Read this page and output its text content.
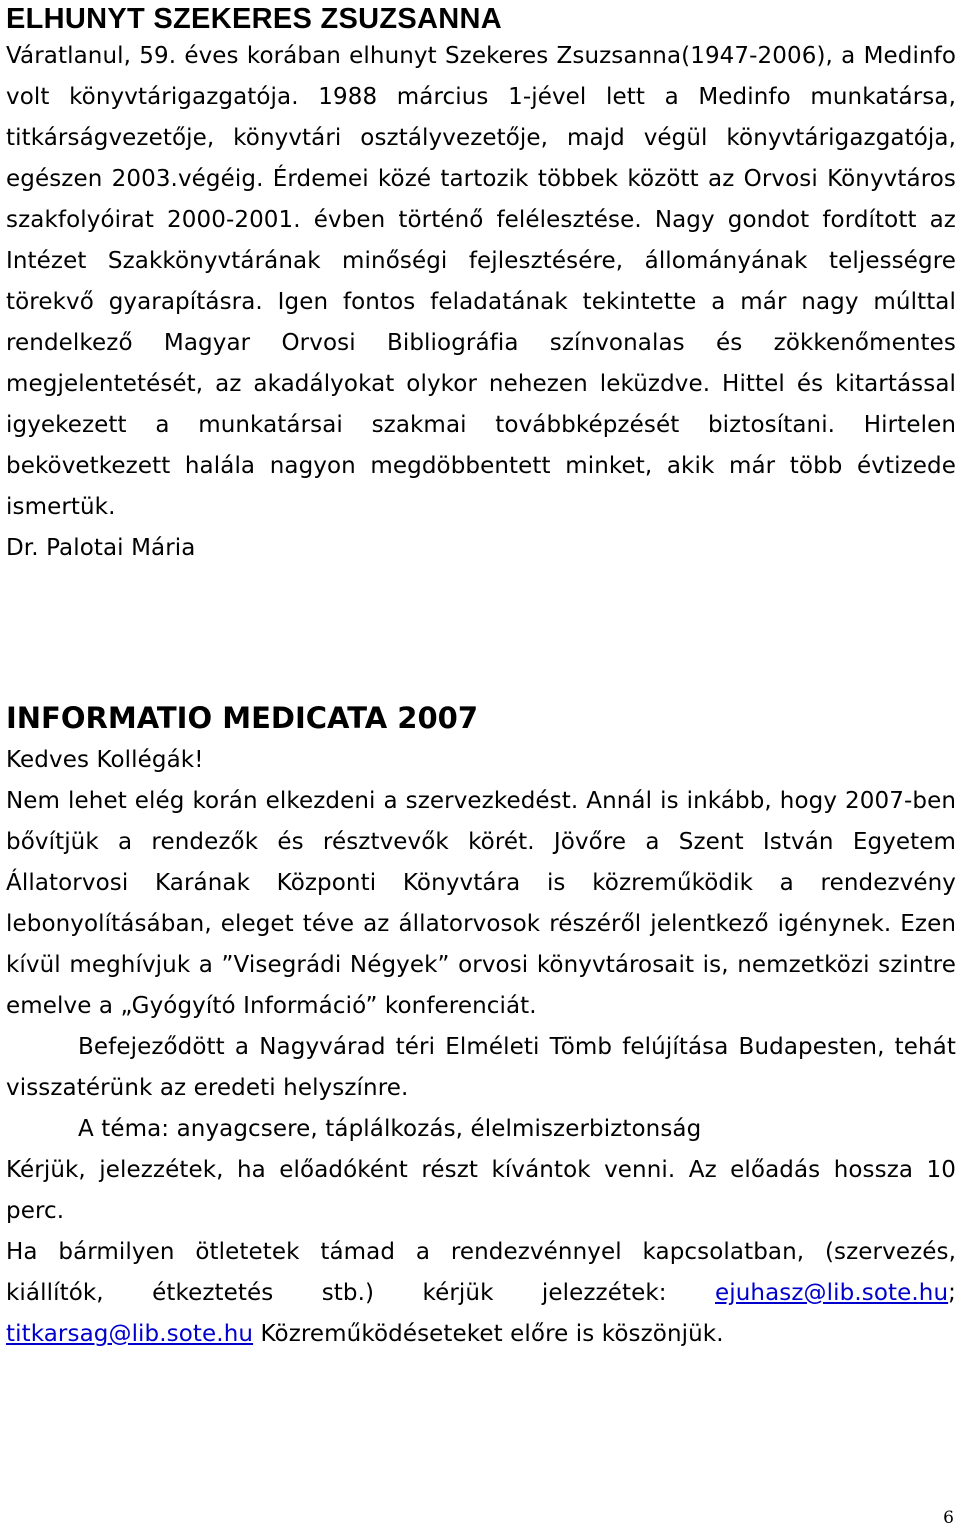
ELHUNYT SZEKERES ZSUZSANNA

Váratlanul, 59. éves korában elhunyt Szekeres Zsuzsanna(1947-2006), a Medinfo volt könyvtárigazgatója. 1988 március 1-jével lett a Medinfo munkatársa, titkárságvezetője, könyvtári osztályvezetője, majd végül könyvtárigazgatója, egészen 2003.végéig. Érdemei közé tartozik többek között az Orvosi Könyvtáros szakfolyóirat 2000-2001. évben történő felélesztése. Nagy gondot fordított az Intézet Szakkönyvtárának minőségi fejlesztésére, állományának teljességre törekvő gyarapításra. Igen fontos feladatának tekintette a már nagy múlttal rendelkező Magyar Orvosi Bibliográfia színvonalas és zökkenőmentes megjelentetését, az akadályokat olykor nehezen leküzdve. Hittel és kitartással igyekezett a munkatársai szakmai továbbképzését biztosítani. Hirtelen bekövetkezett halála nagyon megdöbbentett minket, akik már több évtizede ismertük.

Dr. Palotai Mária

INFORMATIO MEDICATA 2007

Kedves Kollégák!

Nem lehet elég korán elkezdeni a szervezkedést. Annál is inkább, hogy 2007-ben bővítjük a rendezők és résztvevők körét. Jövőre a Szent István Egyetem Állatorvosi Karának Központi Könyvtára is közreműködik a rendezvény lebonyolításában, eleget téve az állatorvosok részéről jelentkező igénynek. Ezen kívül meghívjuk a ”Visegrádi Négyek” orvosi könyvtárosait is, nemzetközi szintre emelve a „Gyógyító Információ” konferenciát.

Befejeződött a Nagyvárad téri Elméleti Tömb felújítása Budapesten, tehát visszatérünk az eredeti helyszínre.

A téma: anyagcsere, táplálkozás, élelmiszerbiztonság

Kérjük, jelezzétek, ha előadóként részt kívántok venni. Az előadás hossza 10 perc.

Ha bármilyen ötletetek támad a rendezvénnyel kapcsolatban, (szervezés, kiállítók, étkeztetés stb.) kérjük jelezzétek: ejuhasz@lib.sote.hu; titkarsag@lib.sote.hu Közreműködéseteket előre is köszönjük.

6
